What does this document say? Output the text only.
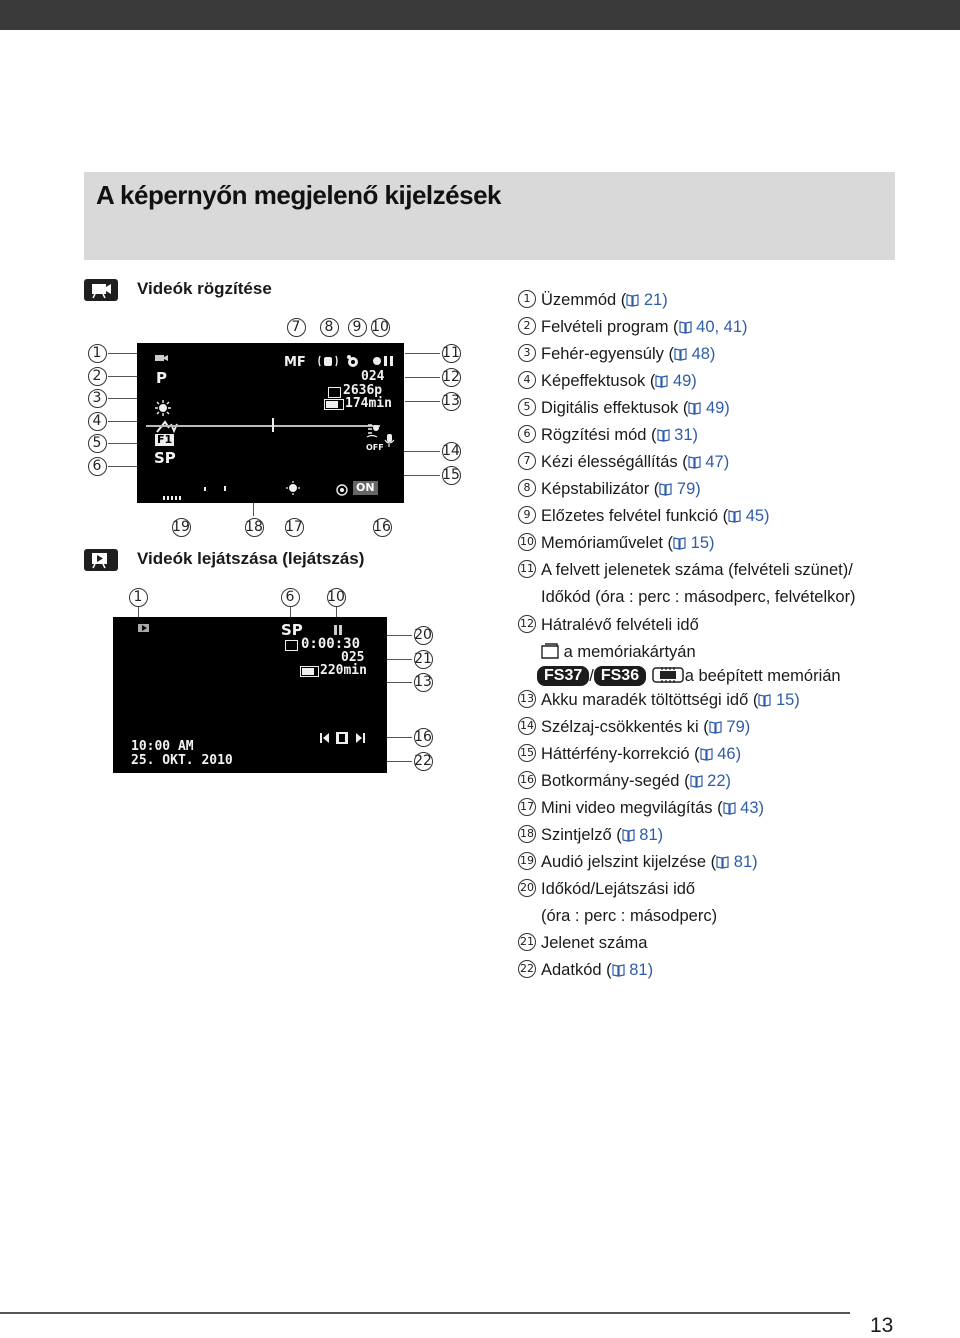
A képernyőn megjelenő kijelzések
Videók rögzítése
7	8	9 10
1
2
3
4
5
6
11
12
13
14
15
19	18 17	16
P
F1
SP
MF
024
2636p
174min
OFF
ON
Videók lejátszása (lejátszás)
1	6	10
20
21
13
16
22
SP
0:00:30
025
220min
10:00 AM
25. OKT. 2010
1 Üzemmód ( 21)
2 Felvételi program ( 40, 41)
3 Fehér-egyensúly ( 48)
4 Képeffektusok ( 49)
5 Digitális effektusok ( 49)
6 Rögzítési mód ( 31)
7 Kézi élességállítás ( 47)
8 Képstabilizátor ( 79)
9 Előzetes felvétel funkció ( 45)
10 Memóriaművelet ( 15)
11 A felvett jelenetek száma (felvételi szünet)/
Időkód (óra : perc : másodperc, felvételkor)
12 Hátralévő felvételi idő
a memóriakártyán
FS37 / FS36	a beépített memórián
13 Akku maradék töltöttségi idő ( 15)
14 Szélzaj-csökkentés ki ( 79)
15 Háttérfény-korrekció ( 46)
16 Botkormány-segéd ( 22)
17 Mini video megvilágítás ( 43)
18 Szintjelző ( 81)
19 Audió jelszint kijelzése ( 81)
20 Időkód/Lejátszási idő
(óra : perc : másodperc)
21 Jelenet száma
22 Adatkód ( 81)
13
